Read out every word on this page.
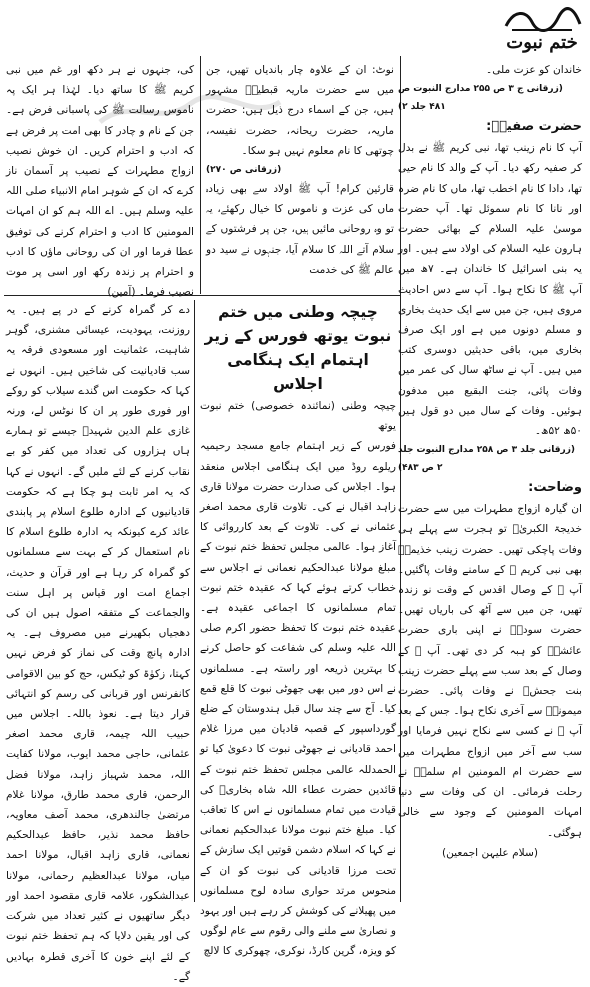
ختم نبوت

خاندان کو عزت ملی۔

(زرقانی ج ۳ ص ۲۵۵ مدارج النبوت ص ۴۸۱ جلد ۲)

حضرت صفیہؓ:

آپ کا نام زینب تھا، نبی کریم ﷺ نے بدل کر صفیہ رکھ دیا۔ آپ کے والد کا نام حیی تھا، دادا کا نام اخطب تھا، ماں کا نام ضرہ اور نانا کا نام سموئل تھا۔ آپ حضرت موسیٰ علیہ السلام کے بھائی حضرت ہارون علیہ السلام کی اولاد سے ہیں۔ اور یہ بنی اسرائیل کا خاندان ہے۔ ۷ھ میں آپ ﷺ کا نکاح ہوا۔ آپ سے دس احادیث مروی ہیں، جن میں سے ایک حدیث بخاری و مسلم دونوں میں ہے اور ایک صرف بخاری میں، باقی حدیثیں دوسری کتب میں ہیں۔ آپ نے ساٹھ سال کی عمر میں وفات پائی، جنت البقیع میں مدفون ہوئیں۔ وفات کے سال میں دو قول ہیں ۵۰ھ ۵۲ھ۔

(زرقانی جلد ۳ ص ۲۵۸ مدارج النبوت جلد ۲ ص ۴۸۳)

وضاحت:

ان گیارہ ازواج مطہرات میں سے حضرت خدیجۃ الکبریٰؓ تو ہجرت سے پہلے ہی وفات پاچکی تھیں۔ حضرت زینب خذیمہؓ بھی نبی کریم ﷺ کے سامنے وفات پاگئیں۔ آپ ﷺ کے وصال اقدس کے وقت نو زندہ تھیں، جن میں سے آٹھ کی باریاں تھیں۔ حضرت سودہؓ نے اپنی باری حضرت عائشہؓ کو ہبہ کر دی تھی۔ آپ ﷺ کے وصال کے بعد سب سے پہلے حضرت زینب بنت جحشؓ نے وفات پائی۔ حضرت میمونہؓ سے آخری نکاح ہوا۔ جس کے بعد آپ ﷺ نے کسی سے نکاح نہیں فرمایا اور سب سے آخر میں ازواج مطہرات میں سے حضرت ام المومنین ام سلمہؓ نے رحلت فرمائی۔ ان کی وفات سے دنیا امہات المومنین کے وجود سے خالی ہوگئی۔

(سلام علیہن اجمعین)

نوٹ: ان کے علاوہ چار باندیاں تھیں، جن میں سے حضرت ماریہ قبطیہؓ مشہور ہیں، جن کے اسماء درج ذیل ہیں: حضرت ماریہ، حضرت ریحانہ، حضرت نفیسہ، چوتھی کا نام معلوم نہیں ہو سکا۔

(زرقانی ص ۲۷۰)

قارئین کرام! آپ ﷺ اولاد سے بھی زیادہ ماں کی عزت و ناموس کا خیال رکھئے، یہ تو وہ روحانی مائیں ہیں، جن پر فرشتوں کے سلام آتے اللہ کا سلام آیا، جنہوں نے سید دو عالم ﷺ کی خدمت

کی، جنہوں نے ہر دکھ اور غم میں نبی کریم ﷺ کا ساتھ دیا۔ لہٰذا ہر ایک پہ ناموس رسالت ﷺ کی پاسبانی فرض ہے۔ جن کے نام و چادر کا بھی امت پر فرض ہے کہ ادب و احترام کریں۔ ان خوش نصیب ازواج مطہرات کے نصیب پر آسمان ناز کرے کہ ان کے شوہر امام الانبیاء صلی اللہ علیہ وسلم ہیں۔ اے اللہ ہم کو ان امہات المومنین کا ادب و احترام کرنے کی توفیق عطا فرما اور ان کی روحانی ماؤں کا ادب و احترام پر زندہ رکھ اور اسی پر موت نصیب فرما۔ (آمین)

چیچہ وطنی میں ختم نبوت یوتھ فورس کے زیر اہتمام ایک ہنگامی اجلاس

چیچہ وطنی (نمائندہ خصوصی) ختم نبوت یوتھ

فورس کے زیر اہتمام جامع مسجد رحیمیہ ریلوے روڈ میں ایک ہنگامی اجلاس منعقد ہوا۔ اجلاس کی صدارت حضرت مولانا قاری زاہد اقبال نے کی۔ تلاوت قاری محمد اصغر عثمانی نے کی۔ تلاوت کے بعد کارروائی کا آغاز ہوا۔ عالمی مجلس تحفظ ختم نبوت کے مبلغ مولانا عبدالحکیم نعمانی نے اجلاس سے خطاب کرتے ہوئے کہا کہ عقیدہ ختم نبوت تمام مسلمانوں کا اجماعی عقیدہ ہے۔ عقیدہ ختم نبوت کا تحفظ حضور اکرم صلی اللہ علیہ وسلم کی شفاعت کو حاصل کرنے کا بہترین ذریعہ اور راستہ ہے۔ مسلمانوں نے اس دور میں بھی جھوٹی نبوت کا قلع قمع کیا۔ آج سے چند سال قبل ہندوستان کے ضلع گورداسپور کے قصبہ قادیان میں مرزا غلام احمد قادیانی نے جھوٹی نبوت کا دعویٰ کیا تو الحمدللہ عالمی مجلس تحفظ ختم نبوت کے قائدین حضرت عطاء اللہ شاہ بخاریؒ کی قیادت میں تمام مسلمانوں نے اس کا تعاقب کیا۔ مبلغ ختم نبوت مولانا عبدالحکیم نعمانی نے کہا کہ اسلام دشمن قوتیں ایک سازش کے تحت مرزا قادیانی کی نبوت کو ان کے منحوس مرتد حواری سادہ لوح مسلمانوں میں پھیلانے کی کوشش کر رہے ہیں اور یہود و نصاریٰ سے ملنے والی رقوم سے عام لوگوں کو ویزہ، گرین کارڈ، نوکری، چھوکری کا لالچ

دے کر گمراہ کرنے کے در پے ہیں۔ یہ روزنت، یہودیت، عیسائی مشنری، گوہر شاہیت، عثمانیت اور مسعودی فرقہ یہ سب قادیانیت کی شاخیں ہیں۔ انہوں نے کہا کہ حکومت اس گندے سیلاب کو روکے اور فوری طور پر ان کا نوٹس لے، ورنہ غازی علم الدین شہیدؒ جیسے تو ہمارے ہاں ہزاروں کی تعداد میں کفر کو بے نقاب کرنے کے لئے ملیں گے۔ انہوں نے کہا کہ یہ امر ثابت ہو چکا ہے کہ حکومت قادیانیوں کے ادارہ طلوع اسلام پر پابندی عائد کرے کیونکہ یہ ادارہ طلوع اسلام کا نام استعمال کر کے بہت سے مسلمانوں کو گمراہ کر رہا ہے اور قرآن و حدیث، اجماع امت اور قیاس پر اہل سنت والجماعت کے متفقہ اصول ہیں ان کی دھجیاں بکھیرنے میں مصروف ہے۔ یہ ادارہ پانچ وقت کی نماز کو فرض نہیں کہتا، زکوٰۃ کو ٹیکس، حج کو بین الاقوامی کانفرنس اور قربانی کی رسم کو انتہائی قرار دیتا ہے۔ نعوذ باللہ۔ اجلاس میں حبیب اللہ چیمہ، قاری محمد اصغر عثمانی، حاجی محمد ایوب، مولانا کفایت اللہ، محمد شہباز زاہد، مولانا فضل الرحمن، قاری محمد طارق، مولانا غلام مرتضیٰ جالندھری، محمد آصف معاویہ، حافظ محمد نذیر، حافظ عبدالحکیم نعمانی، قاری زاہد اقبال، مولانا احمد میاں، مولانا عبدالعظیم رحمانی، مولانا عبدالشکور، علامہ قاری مقصود احمد اور دیگر ساتھیوں نے کثیر تعداد میں شرکت کی اور یقین دلایا کہ ہم تحفظ ختم نبوت کے لئے اپنے خون کا آخری قطرہ بہادیں گے۔
